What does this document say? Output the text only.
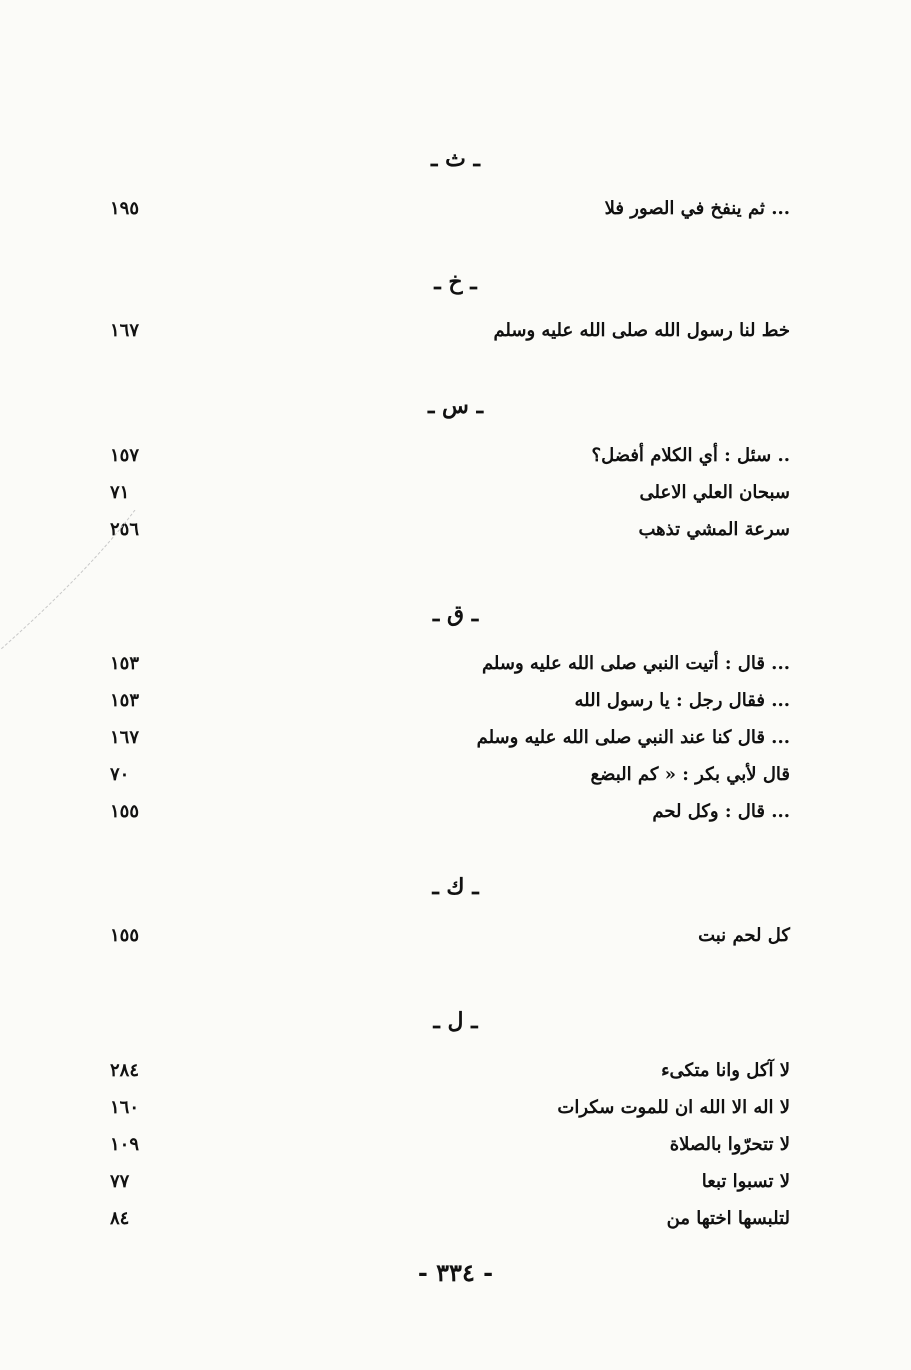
ـ ث ـ
... ثم ينفخ في الصور فلا
١٩٥
ـ خ ـ
خط لنا رسول الله صلى الله عليه وسلم
١٦٧
ـ س ـ
.. سئل : أي الكلام أفضل؟
١٥٧
سبحان العلي الاعلى
٧١
سرعة المشي تذهب
٢٥٦
ـ ق ـ
... قال : أتيت النبي صلى الله عليه وسلم
١٥٣
... فقال رجل : يا رسول الله
١٥٣
... قال كنا عند النبي صلى الله عليه وسلم
١٦٧
قال لأبي بكر : « كم البضع
٧٠
... قال : وكل لحم
١٥٥
ـ ك ـ
كل لحم نبت
١٥٥
ـ ل ـ
لا آكل وانا متكىء
٢٨٤
لا اله الا الله ان للموت سكرات
١٦٠
لا تتحرّوا بالصلاة
١٠٩
لا تسبوا تبعا
٧٧
لتلبسها اختها من
٨٤
- ٣٣٤ -
